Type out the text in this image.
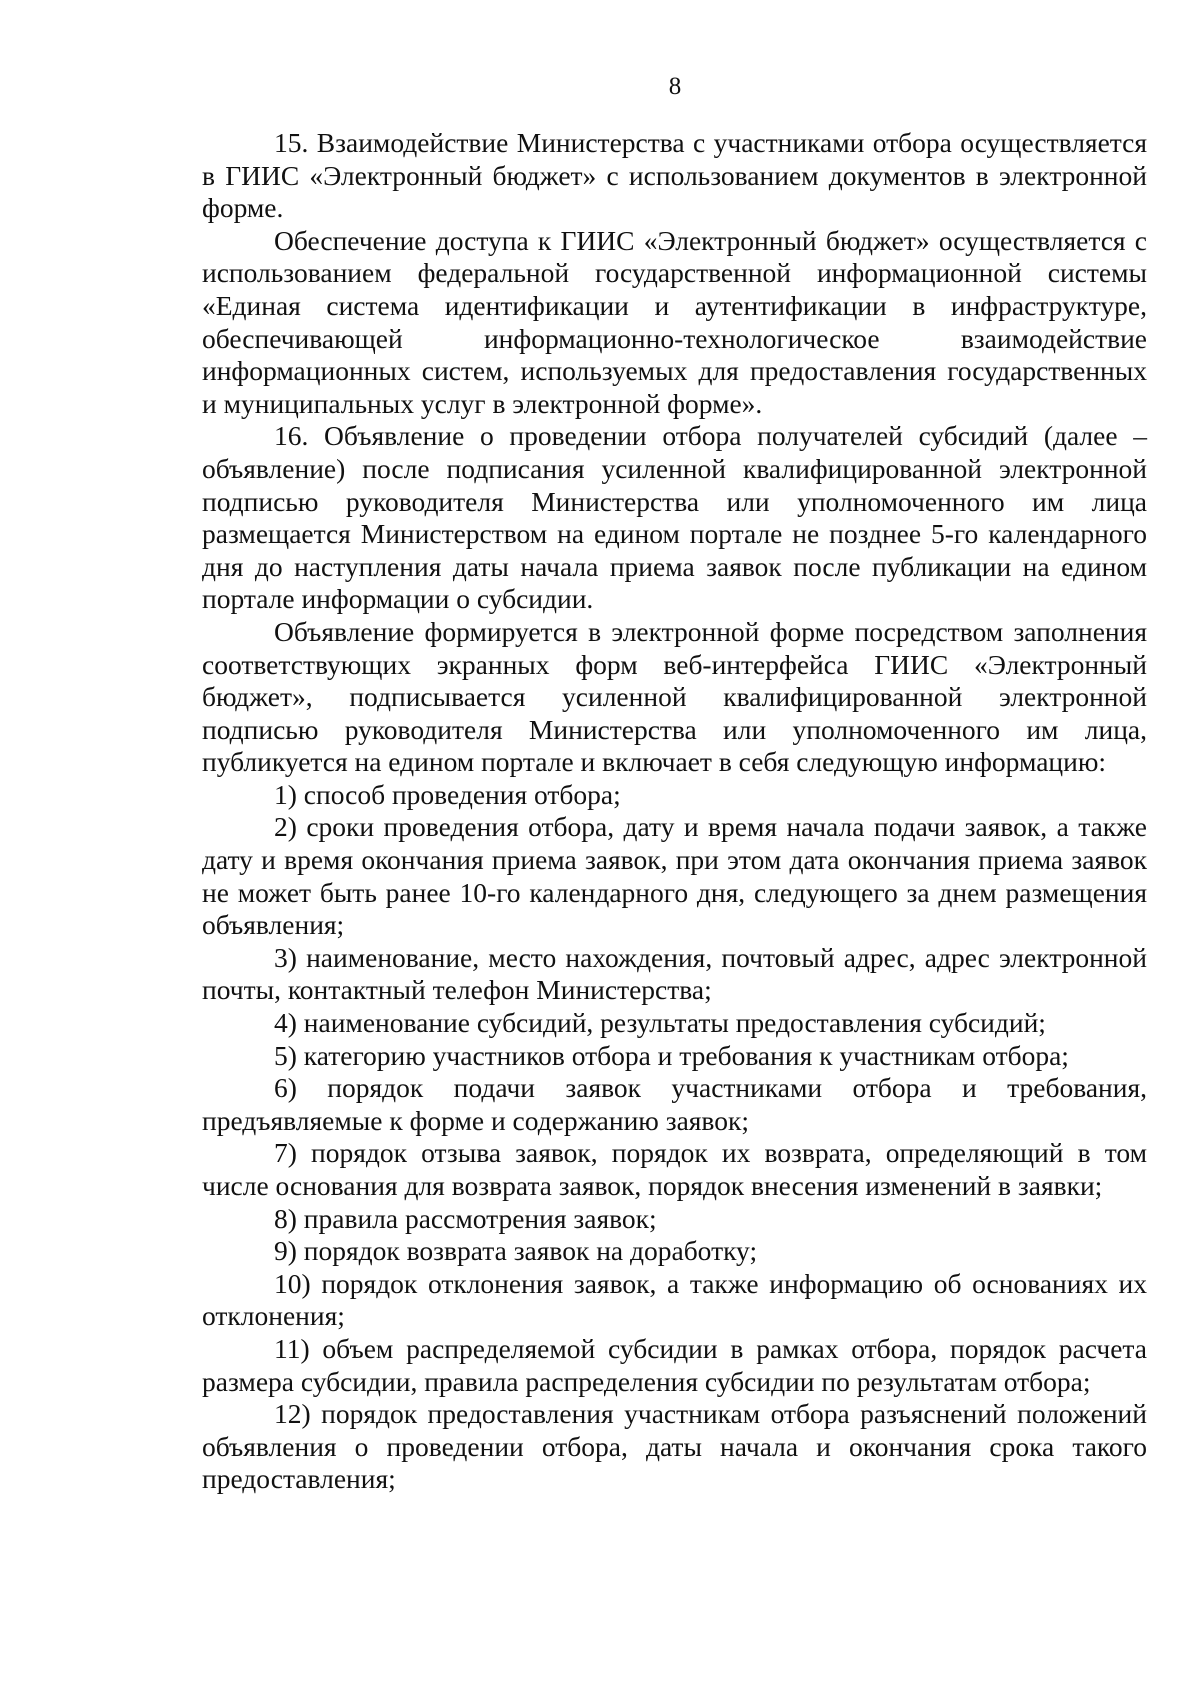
8

15. Взаимодействие Министерства с участниками отбора осуществляется в ГИИС «Электронный бюджет» с использованием документов в электронной форме.

Обеспечение доступа к ГИИС «Электронный бюджет» осуществляется с использованием федеральной государственной информационной системы «Единая система идентификации и аутентификации в инфраструктуре, обеспечивающей информационно-технологическое взаимодействие информационных систем, используемых для предоставления государственных и муниципальных услуг в электронной форме».

16. Объявление о проведении отбора получателей субсидий (далее – объявление) после подписания усиленной квалифицированной электронной подписью руководителя Министерства или уполномоченного им лица размещается Министерством на едином портале не позднее 5-го календарного дня до наступления даты начала приема заявок после публикации на едином портале информации о субсидии.

Объявление формируется в электронной форме посредством заполнения соответствующих экранных форм веб-интерфейса ГИИС «Электронный бюджет», подписывается усиленной квалифицированной электронной подписью руководителя Министерства или уполномоченного им лица, публикуется на едином портале и включает в себя следующую информацию:

1) способ проведения отбора;

2) сроки проведения отбора, дату и время начала подачи заявок, а также дату и время окончания приема заявок, при этом дата окончания приема заявок не может быть ранее 10-го календарного дня, следующего за днем размещения объявления;

3) наименование, место нахождения, почтовый адрес, адрес электронной почты, контактный телефон Министерства;

4) наименование субсидий, результаты предоставления субсидий;

5) категорию участников отбора и требования к участникам отбора;

6) порядок подачи заявок участниками отбора и требования, предъявляемые к форме и содержанию заявок;

7) порядок отзыва заявок, порядок их возврата, определяющий в том числе основания для возврата заявок, порядок внесения изменений в заявки;

8) правила рассмотрения заявок;

9) порядок возврата заявок на доработку;

10) порядок отклонения заявок, а также информацию об основаниях их отклонения;

11) объем распределяемой субсидии в рамках отбора, порядок расчета размера субсидии, правила распределения субсидии по результатам отбора;

12) порядок предоставления участникам отбора разъяснений положений объявления о проведении отбора, даты начала и окончания срока такого предоставления;
